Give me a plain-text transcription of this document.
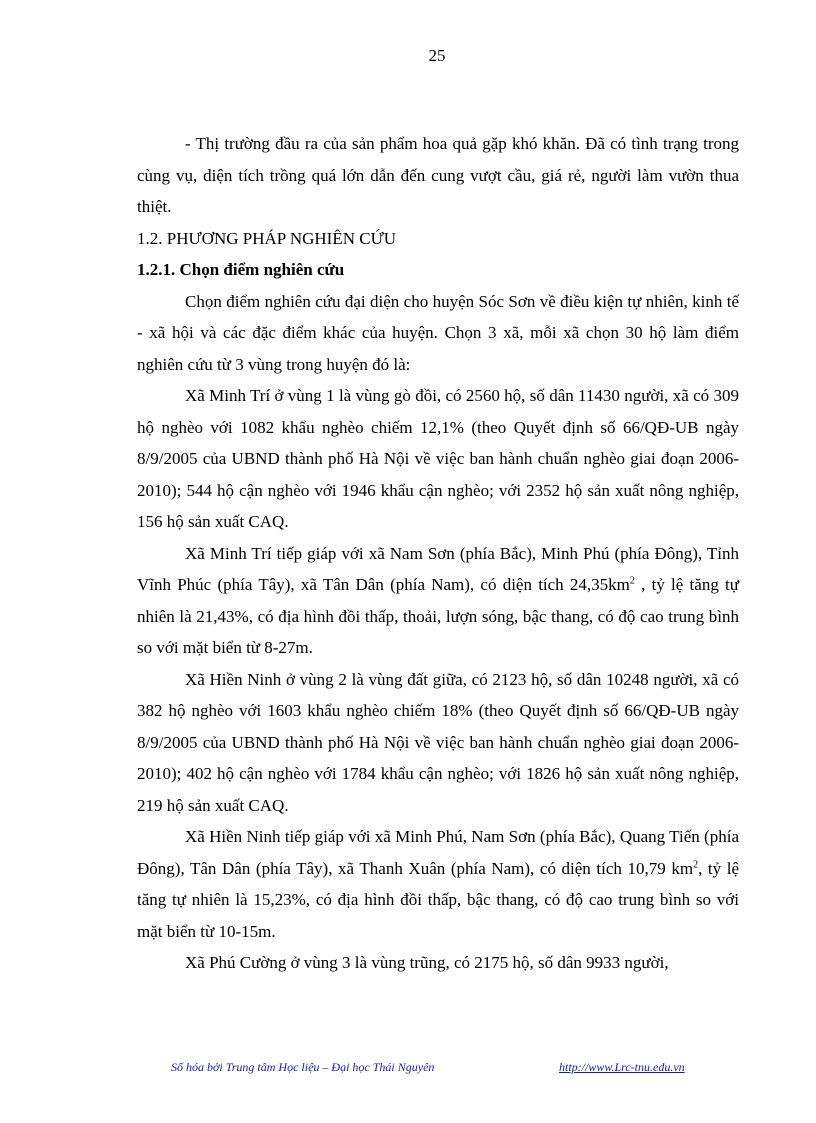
25

- Thị trường đầu ra của sản phẩm hoa quả gặp khó khăn. Đã có tình trạng trong cùng vụ, diện tích trồng quá lớn dẫn đến cung vượt cầu, giá rẻ, người làm vườn thua thiệt.

1.2. PHƯƠNG PHÁP NGHIÊN CỨU

1.2.1. Chọn điểm nghiên cứu

Chọn điểm nghiên cứu đại diện cho huyện Sóc Sơn về điều kiện tự nhiên, kinh tế - xã hội và các đặc điểm khác của huyện. Chọn 3 xã, mỗi xã chọn 30 hộ làm điểm nghiên cứu từ 3 vùng trong huyện đó là:

Xã Minh Trí ở vùng 1 là vùng gò đồi, có 2560 hộ, số dân 11430 người, xã có 309 hộ nghèo với 1082 khẩu nghèo chiếm 12,1% (theo Quyết định số 66/QĐ-UB ngày 8/9/2005 của UBND thành phố Hà Nội về việc ban hành chuẩn nghèo giai đoạn 2006- 2010); 544 hộ cận nghèo với 1946 khẩu cận nghèo; với 2352 hộ sản xuất nông nghiệp, 156 hộ sản xuất CAQ.

Xã Minh Trí tiếp giáp với xã Nam Sơn (phía Bắc), Minh Phú (phía Đông), Tỉnh Vĩnh Phúc (phía Tây), xã Tân Dân (phía Nam), có diện tích $24,35km^2$ , tỷ lệ tăng tự nhiên là 21,43%, có địa hình đồi thấp, thoải, lượn sóng, bậc thang, có độ cao trung bình so với mặt biển từ 8-27m.

Xã Hiền Ninh ở vùng 2 là vùng đất giữa, có 2123 hộ, số dân 10248 người, xã có 382 hộ nghèo với 1603 khẩu nghèo chiếm 18% (theo Quyết định số 66/QĐ-UB ngày 8/9/2005 của UBND thành phố Hà Nội về việc ban hành chuẩn nghèo giai đoạn 2006- 2010); 402 hộ cận nghèo với 1784 khẩu cận nghèo; với 1826 hộ sản xuất nông nghiệp, 219 hộ sản xuất CAQ.

Xã Hiền Ninh tiếp giáp với xã Minh Phú, Nam Sơn (phía Bắc), Quang Tiến (phía Đông), Tân Dân (phía Tây), xã Thanh Xuân (phía Nam), có diện tích 10,79 $km^2$, tỷ lệ tăng tự nhiên là 15,23%, có địa hình đồi thấp, bậc thang, có độ cao trung bình so với mặt biển từ 10-15m.

Xã Phú Cường ở vùng 3 là vùng trũng, có 2175 hộ, số dân 9933 người,

Số hóa bởi Trung tâm Học liệu – Đại học Thái Nguyên	http://www.Lrc-tnu.edu.vn
